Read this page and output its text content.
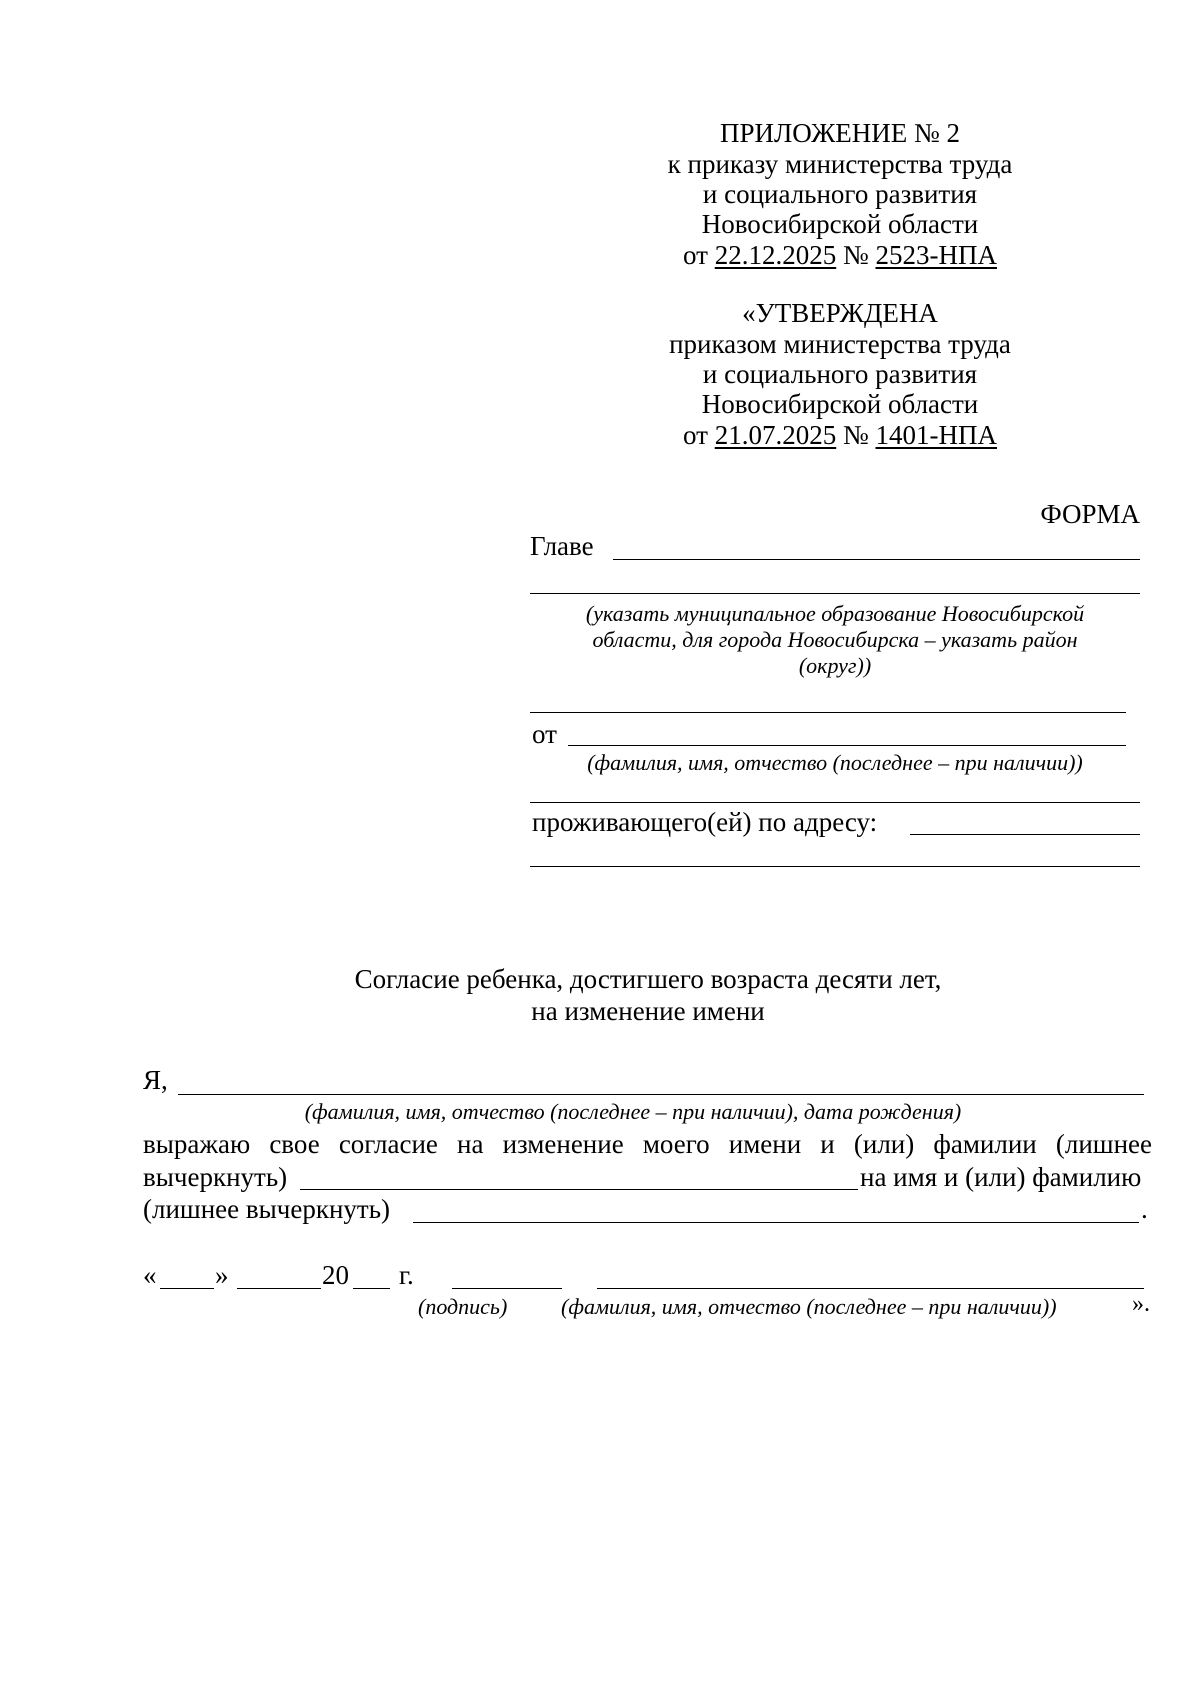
ПРИЛОЖЕНИЕ № 2
к приказу министерства труда
и социального развития
Новосибирской области
от 22.12.2025 № 2523-НПА
«УТВЕРЖДЕНА
приказом министерства труда
и социального развития
Новосибирской области
от 21.07.2025 № 1401-НПА
ФОРМА
Главе
(указать муниципальное образование Новосибирской
области, для города Новосибирска – указать район
(округ))
от
(фамилия, имя, отчество (последнее – при наличии))
проживающего(ей) по адресу:
Согласие ребенка, достигшего возраста десяти лет,
на изменение имени
Я,
(фамилия, имя, отчество (последнее – при наличии), дата рождения)
выражаю свое согласие на изменение моего имени и (или) фамилии (лишнее
вычеркнуть)	на имя и (или) фамилию
(лишнее вычеркнуть)	.
« »	20 г.
(подпись) (фамилия, имя, отчество (последнее – при наличии))	».
